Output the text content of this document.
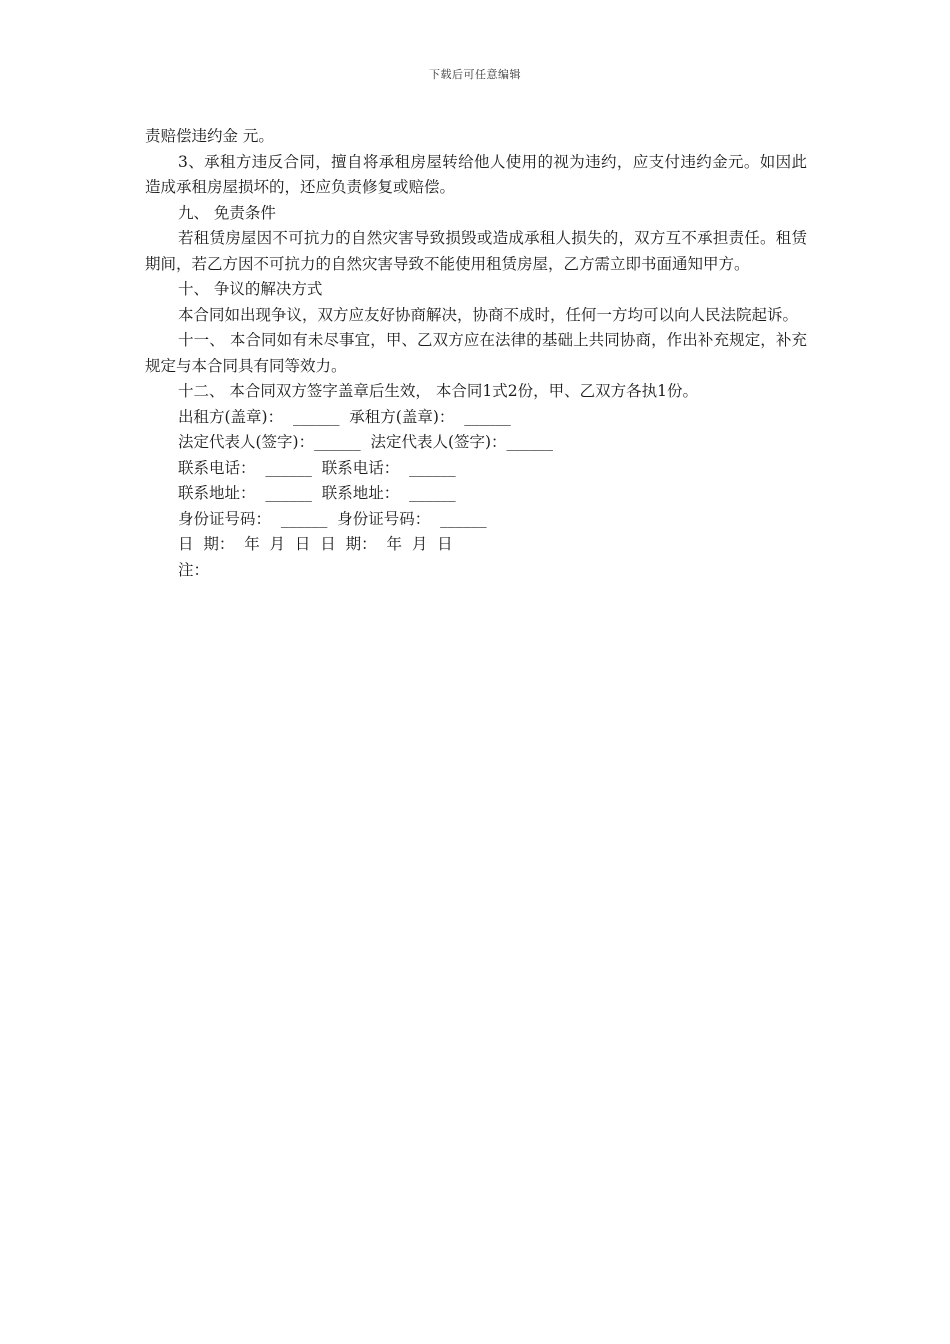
下载后可任意编辑

责赔偿违约金 元。

3、承租方违反合同，擅自将承租房屋转给他人使用的视为违约，应支付违约金元。如因此造成承租房屋损坏的，还应负责修复或赔偿。

九、 免责条件

若租赁房屋因不可抗力的自然灾害导致损毁或造成承租人损失的，双方互不承担责任。租赁期间，若乙方因不可抗力的自然灾害导致不能使用租赁房屋，乙方需立即书面通知甲方。

十、 争议的解决方式

本合同如出现争议，双方应友好协商解决，协商不成时，任何一方均可以向人民法院起诉。

十一、 本合同如有未尽事宜，甲、乙双方应在法律的基础上共同协商，作出补充规定，补充规定与本合同具有同等效力。

十二、 本合同双方签字盖章后生效， 本合同1式2份，甲、乙双方各执1份。

出租方(盖章)：  ______  承租方(盖章)：  ______
法定代表人(签字)：______  法定代表人(签字)：______
联系电话：  ______  联系电话：  ______
联系地址：  ______  联系地址：  ______
身份证号码：  ______  身份证号码：  ______
日  期：  年  月  日  日  期：  年  月  日
注：
